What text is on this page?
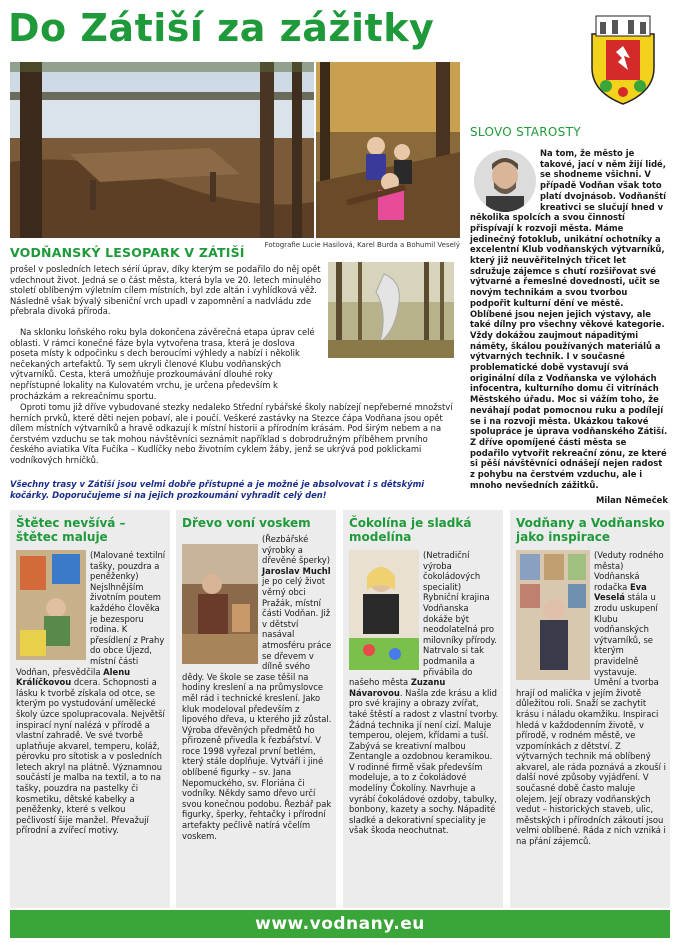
Do Zátiší za zážitky
Fotografie Lucie Hasilová, Karel Burda a Bohumil Veselý
VODŇANSKÝ LESOPARK V ZÁTIŠÍ
prošel v posledních letech sérií úprav, díky kterým se podařilo do něj opět vdechnout život. Jedná se o část města, která byla ve 20. letech minulého století oblíbeným výletním cílem místních, byl zde altán i vyhlídková věž. Následně však bývalý sibeniční vrch upadl v zapomnění a nadvládu zde přebrala divoká příroda.
Na sklonku loňského roku byla dokončena závěrečná etapa úprav celé oblasti. V rámci konečné fáze byla vytvořena trasa, která je doslova poseta místy k odpočinku s dech beroucími výhledy a nabízí i několik nečekaných artefaktů. Ty sem ukryli členové Klubu vodňanských výtvarníků. Cesta, která umožňuje prozkoumávání dlouhé roky nepřístupné lokality na Kulovatém vrchu, je určena především k procházkám a rekreačnímu sportu.
Oproti tomu již dříve vybudované stezky nedaleko Střední rybářské školy nabízejí nepřeberné množství herních prvků, které děti nejen pobaví, ale i poučí. Veškeré zastávky na Stezce čápa Vodňana jsou opět dílem místních výtvarníků a hravě odkazují k místní historii a přírodním krásám. Pod širým nebem a na čerstvém vzduchu se tak mohou návštěvníci seznámit například s dobrodružným příběhem prvního českého aviatika Víta Fučíka – Kudlíčky nebo životním cyklem žáby, jenž se ukrývá pod poklickami vodníkových hrníčků.
Všechny trasy v Zátiší jsou velmi dobře přístupné a je možné je absolvovat i s dětskými kočárky. Doporučujeme si na jejich prozkoumání vyhradit celý den!
SLOVO STAROSTY
Na tom, že město je takové, jací v něm žijí lidé, se shodneme všichni. V případě Vodňan však toto platí dvojnásob. Vodňanští kreativci se slučují hned v několika spolcích a svou činností přispívají k rozvoji města. Máme jedinečný fotoklub, unikátní ochotníky a excelentní Klub vodňanských výtvarníků, který již neuvěřitelných třicet let sdružuje zájemce s chutí rozšiřovat své výtvarné a řemeslné dovednosti, učit se novým technikám a svou tvorbou podpořit kulturní dění ve městě. Oblíbené jsou nejen jejich výstavy, ale také dílny pro všechny věkové kategorie. Vždy dokážou zaujmout nápaditými náměty, škálou používaných materiálů a výtvarných technik. I v současné problematické době vystavují svá originální díla z Vodňanska ve výlohách infocentra, kulturního domu či vitrínách Městského úřadu. Moc si vážím toho, že neváhají podat pomocnou ruku a podílejí se i na rozvoji města. Ukázkou takové spolupráce je úprava vodňanského Zátiší. Z dříve opomíjené části města se podařilo vytvořit rekreační zónu, ze které si pěší návštěvníci odnášejí nejen radost z pohybu na čerstvém vzduchu, ale i mnoho nevšedních zážitků.
Milan Němeček
Štětec nevšívá – štětec maluje
(Malované textilní tašky, pouzdra a peněženky) Nejslhnějším životním poutem každého člověka je bezesporu rodina. K přesídlení z Prahy do obce Újezd, místní části Vodňan, přesvědčila Alenu Králíčkovou dcera. Schopnosti a lásku k tvorbě získala od otce, se kterým po vystudování umělecké školy úzce spolupracovala. Největší inspirací nyní nalézá v přírodě a vlastní zahradě. Ve své tvorbě uplatňuje akvarel, temperu, koláž, pérovku pro sítotisk a v posledních letech akryl na plátně. Významnou součástí je malba na textil, a to na tašky, pouzdra na pastelky či kosmetiku, dětské kabelky a peněženky, které s velkou pečlivostí šije manžel. Převažují přírodní a zvířecí motivy.
Dřevo voní voskem
(Řezbářské výrobky a dřevěné šperky) Jaroslav Muchl je po celý život věrný obci Pražák, místní části Vodňan. Již v dětství nasával atmosféru práce se dřevem v dílně svého dědy. Ve škole se zase těšil na hodiny kreslení a na průmyslovce měl rád i technické kreslení. Jako kluk modeloval především z lipového dřeva, u kterého již zůstal. Výroba dřevěných předmětů ho přirozeně přivedla k řezbářství. V roce 1998 vyřezal první betlém, který stále doplňuje. Vytváří i jiné oblíbené figurky – sv. Jana Nepomuckého, sv. Floriána či vodníky. Někdy samo dřevo určí svou konečnou podobu. Řezbář pak figurky, šperky, řehtačky i přírodní artefakty pečlivě natírá včelím voskem.
Čokolína je sladká modelína
(Netradiční výroba čokoládových specialit) Rybniční krajina Vodňanska dokáže být neodolatelná pro milovníky přírody. Natrvalo si tak podmanila a přivábila do našeho města Zuzanu Návarovou. Našla zde krásu a klid pro své krajiny a obrazy zvířat, také štěstí a radost z vlastní tvorby. Žádná technika jí není cizí. Maluje temperou, olejem, křídami a tuší. Zabývá se kreativní malbou Zentangle a ozdobnou keramikou. V rodinné firmě však především modeluje, a to z čokoládové modelíny Čokolíny. Navrhuje a vyrábí čokoládové ozdoby, tabulky, bonbony, kazety a sochy. Nápadité sladké a dekorativní speciality je však škoda neochutnat.
Vodňany a Vodňansko jako inspirace
(Veduty rodného města) Vodňanská rodačka Eva Veselá stála u zrodu uskupení Klubu vodňanských výtvarníků, se kterým pravidelně vystavuje. Umění a tvorba hrají od malička v jejím životě důležitou roli. Snaží se zachytit krásu i náladu okamžiku. Inspiraci hledá v každodenním životě, v přírodě, v rodném městě, ve vzpomínkách z dětství. Z výtvarných technik má oblíbený akvarel, ale ráda poznává a zkouší i další nové způsoby vyjádření. V současné době často maluje olejem. Její obrazy vodňanských vedut – historických staveb, ulic, městských i přírodních zákoutí jsou velmi oblíbené. Ráda z nich vzniká i na přání zájemců.
www.vodnany.eu
